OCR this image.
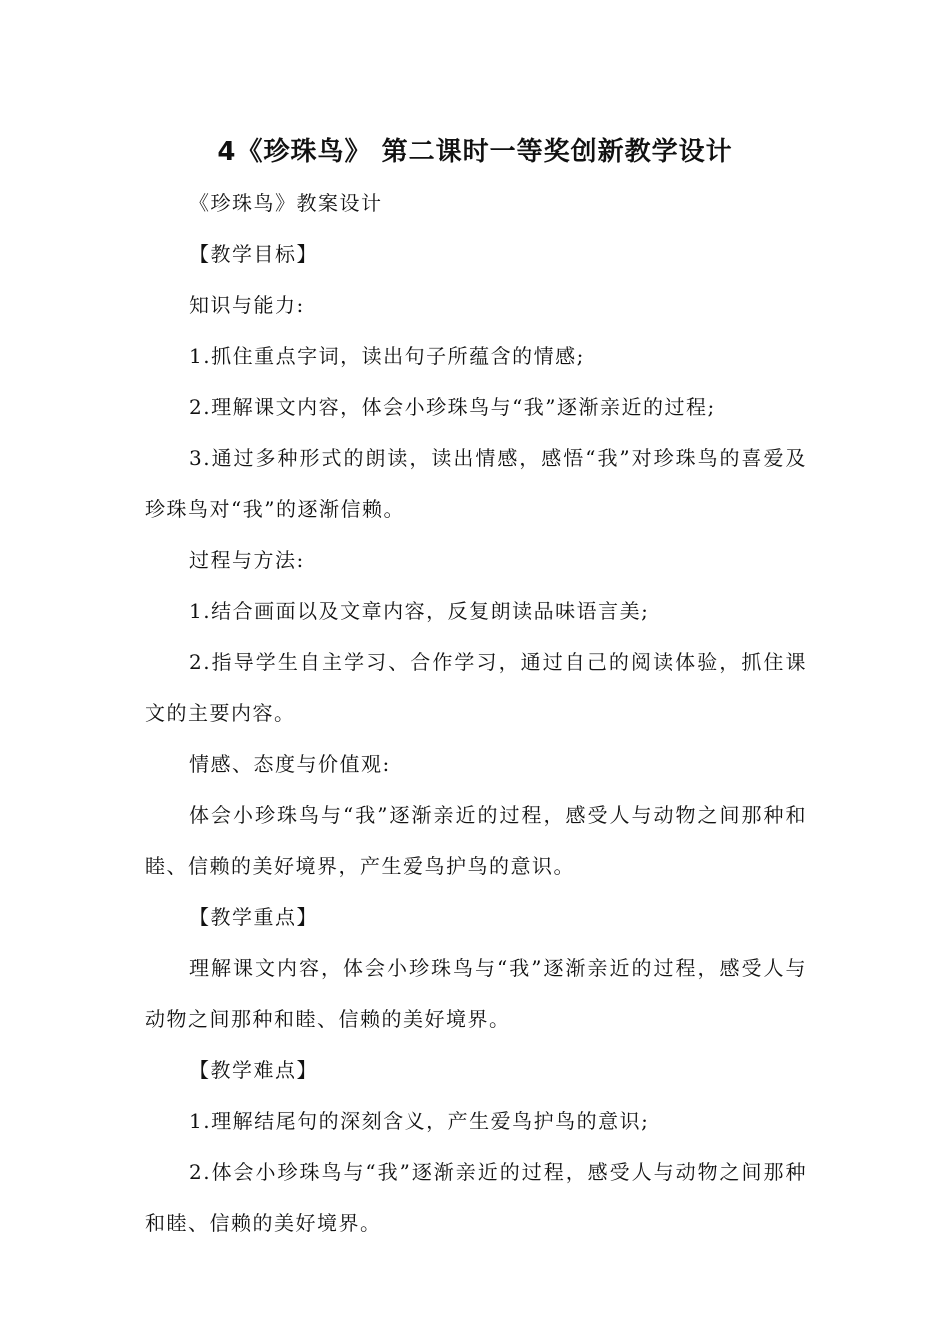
4《珍珠鸟》 第二课时一等奖创新教学设计

《珍珠鸟》教案设计

【教学目标】

知识与能力:

1.抓住重点字词，读出句子所蕴含的情感;

2.理解课文内容，体会小珍珠鸟与“我”逐渐亲近的过程;

3.通过多种形式的朗读，读出情感，感悟“我”对珍珠鸟的喜爱及珍珠鸟对“我”的逐渐信赖。

过程与方法:

1.结合画面以及文章内容，反复朗读品味语言美;

2.指导学生自主学习、合作学习，通过自己的阅读体验，抓住课文的主要内容。

情感、态度与价值观:

体会小珍珠鸟与“我”逐渐亲近的过程，感受人与动物之间那种和睦、信赖的美好境界，产生爱鸟护鸟的意识。

【教学重点】

理解课文内容，体会小珍珠鸟与“我”逐渐亲近的过程，感受人与动物之间那种和睦、信赖的美好境界。

【教学难点】

1.理解结尾句的深刻含义，产生爱鸟护鸟的意识;

2.体会小珍珠鸟与“我”逐渐亲近的过程，感受人与动物之间那种和睦、信赖的美好境界。
